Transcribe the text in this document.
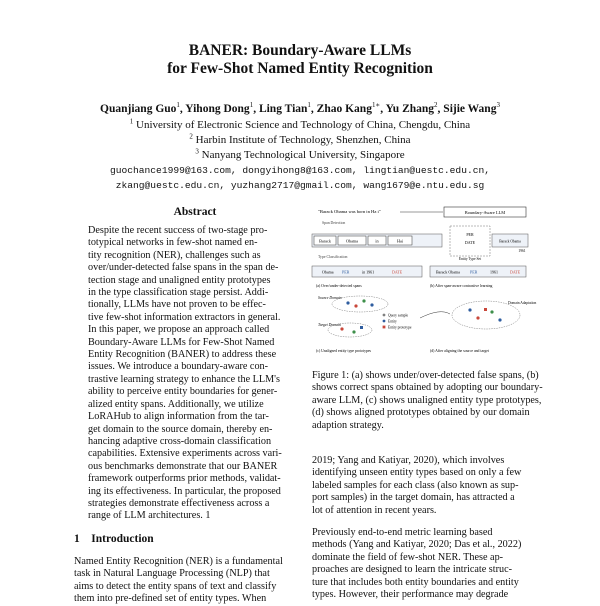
BANER: Boundary-Aware LLMs
for Few-Shot Named Entity Recognition
Quanjiang Guo$^1$, Yihong Dong$^1$, Ling Tian$^1$, Zhao Kang$^{1∗}$, Yu Zhang$^2$, Sijie Wang$^3$
$^1$ University of Electronic Science and Technology of China, Chengdu, China
$^2$ Harbin Institute of Technology, Shenzhen, China
$^3$ Nanyang Technological University, Singapore
guochance1999@163.com, dongyihong8@163.com, lingtian@uestc.edu.cn,
zkang@uestc.edu.cn, yuzhang2717@gmail.com, wang1679@e.ntu.edu.sg
Abstract
Despite the recent success of two-stage pro-
totypical networks in few-shot named en-
tity recognition (NER), challenges such as
over/under-detected false spans in the span de-
tection stage and unaligned entity prototypes
in the type classification stage persist. Addi-
tionally, LLMs have not proven to be effec-
tive few-shot information extractors in general.
In this paper, we propose an approach called
Boundary-Aware LLMs for Few-Shot Named
Entity Recognition (BANER) to address these
issues. We introduce a boundary-aware con-
trastive learning strategy to enhance the LLM's
ability to perceive entity boundaries for gener-
alized entity spans. Additionally, we utilize
LoRAHub to align information from the tar-
get domain to the source domain, thereby en-
hancing adaptive cross-domain classification
capabilities. Extensive experiments across vari-
ous benchmarks demonstrate that our BANER
framework outperforms prior methods, validat-
ing its effectiveness. In particular, the proposed
strategies demonstrate effectiveness across a
range of LLM architectures. 1
1 Introduction
Named Entity Recognition (NER) is a fundamental
task in Natural Language Processing (NLP) that
aims to detect the entity spans of text and classify
them into pre-defined set of entity types. When
"Barack Obama was born in Ha i"	Boundary-Aware LLM
Span Detection
Barack	Obama	in	Hai
Type Classification
PER
DATE
Entity Type Set
Barack Obama
1961
Obama PER	in 1961	DATE	Barack Obama	PER	1961	DATE
(a) Over/under-detected spans	(b) After span-aware contrastive learning
Source Domain
Target Domain
Query sample
Entity
Entity prototype
Domain Adaptation
(c) Unaligned entity type prototypes	(d) After aligning the source and target
Figure 1: (a) shows under/over-detected false spans, (b)
shows correct spans obtained by adopting our boundary-
aware LLM, (c) shows unaligned entity type prototypes,
(d) shows aligned prototypes obtained by our domain
adaption strategy.
2019; Yang and Katiyar, 2020), which involves
identifying unseen entity types based on only a few
labeled samples for each class (also known as sup-
port samples) in the target domain, has attracted a
lot of attention in recent years.
Previously end-to-end metric learning based
methods (Yang and Katiyar, 2020; Das et al., 2022)
dominate the field of few-shot NER. These ap-
proaches are designed to learn the intricate struc-
ture that includes both entity boundaries and entity
types. However, their performance may degrade
